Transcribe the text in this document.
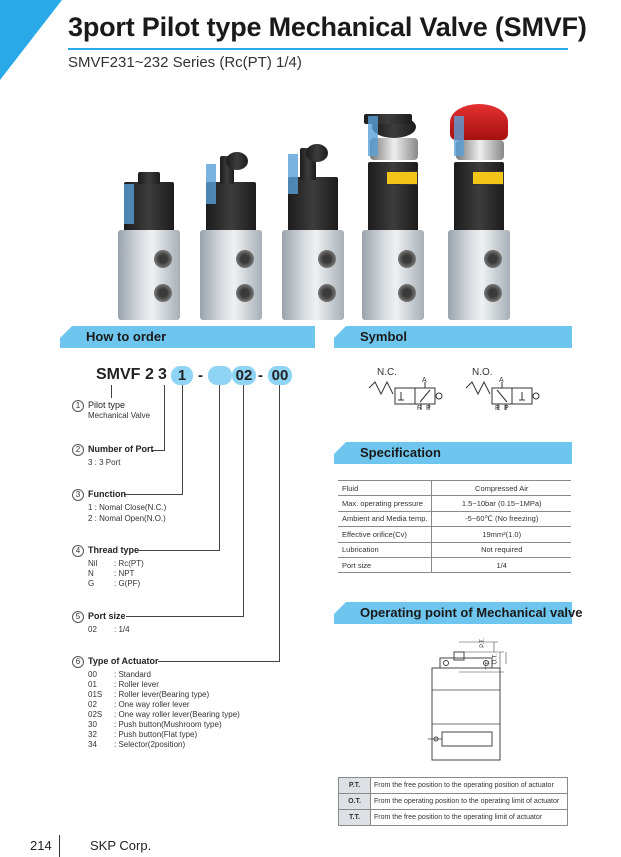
3port Pilot type Mechanical Valve (SMVF)
SMVF231~232 Series (Rc(PT) 1/4)
How to order	Symbol
Specification
Operating point of Mechanical valve
SMVF 2 3 1 - 02 - 00
1 Pilot type
Mechanical Valve
2 Number of Port
3 : 3 Port
3 Function
1 : Nomal Close(N.C.)
2 : Nomal Open(N.O.)
4 Thread type
Nil : Rc(PT)
N	: NPT
G : G(PF)
5 Port size
02 : 1/4
6 Type of Actuator
00 : Standard
01 : Roller lever
01S : Roller lever(Bearing type)
02 : One way roller lever
02S : One way roller lever(Bearing type)
30 : Push button(Mushroom type)
32 : Push button(Flat type)
34 : Selector(2position)
N.C.	N.O.
A
R P
A
R P
Fluid	Compressed Air
Max. operating pressure	1.5~10bar (0.15~1MPa)
Ambient and Media temp.	-5~60℃ (No freezing)
Effective orifice(Cv)	19mm²(1.0)
Lubrication	Not required
Port size	1/4
P.T.
T.T.
O.T.
P.T.	From the free position to the operating position of actuator
O.T.	From the operating position to the operating limit of actuator
T.T.	From the free position to the operating limit of actuator
214	SKP Corp.
